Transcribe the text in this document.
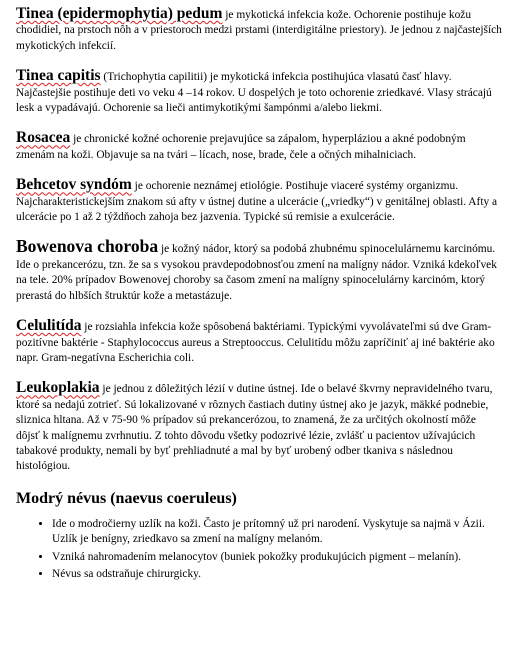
Tinea (epidermophytia) pedum je mykotická infekcia kože. Ochorenie postihuje kožu chodidiel, na prstoch nôh a v priestoroch medzi prstami (interdigitálne priestory). Je jednou z najčastejších mykotických infekcií.

Tinea capitis (Trichophytia capilitii) je mykotická infekcia postihujúca vlasatú časť hlavy. Najčastejšie postihuje deti vo veku 4 –14 rokov. U dospelých je toto ochorenie zriedkavé. Vlasy strácajú lesk a vypadávajú. Ochorenie sa lieči antimykotikými šampónmi a/alebo liekmi.

Rosacea je chronické kožné ochorenie prejavujúce sa zápalom, hyperpláziou a akné podobným zmenám na koži. Objavuje sa na tvári – lícach, nose, brade, čele a očných mihalniciach.

Behcetov syndóm je ochorenie neznámej etiológie. Postihuje viaceré systémy organizmu. Najcharakteristickejším znakom sú afty v ústnej dutine a ulcerácie („vriedky“) v genitálnej oblasti. Afty a ulcerácie po 1 až 2 týždňoch zahoja bez jazvenia. Typické sú remisie a exulcerácie.

Bowenova choroba je kožný nádor, ktorý sa podobá zhubnému spinocelulárnemu karcinómu. Ide o prekancerózu, tzn. že sa s vysokou pravdepodobnosťou zmení na malígny nádor. Vzniká kdekoľvek na tele. 20% prípadov Bowenovej choroby sa časom zmení na malígny spinocelulárny karcinóm, ktorý prerastá do hlbších štruktúr kože a metastázuje.

Celulitída je rozsiahla infekcia kože spôsobená baktériami. Typickými vyvolávateľmi sú dve Gram-pozitívne baktérie - Staphylococcus aureus a Streptooccus. Celulitídu môžu zapríčiniť aj iné baktérie ako napr. Gram-negatívna Escherichia coli.

Leukoplakia je jednou z dôležitých lézií v dutine ústnej. Ide o belavé škvrny nepravidelného tvaru, ktoré sa nedajú zotrieť. Sú lokalizované v rôznych častiach dutiny ústnej ako je jazyk, mäkké podnebie, sliznica hltana. Až v 75-90 % prípadov sú prekancerózou, to znamená, že za určitých okolností môže dôjsť k malígnemu zvrhnutiu. Z tohto dôvodu všetky podozrivé lézie, zvlášť u pacientov užívajúcich tabakové produkty, nemali by byť prehliadnuté a mal by byť urobený odber tkaniva s následnou histológiou.

Modrý névus (naevus coeruleus)
• Ide o modročierny uzlík na koži. Často je prítomný už pri narodení. Vyskytuje sa najmä v Ázii. Uzlík je benígny, zriedkavo sa zmení na malígny melanóm.
• Vzniká nahromadením melanocytov (buniek pokožky produkujúcich pigment – melanín).
• Névus sa odstraňuje chirurgicky.
